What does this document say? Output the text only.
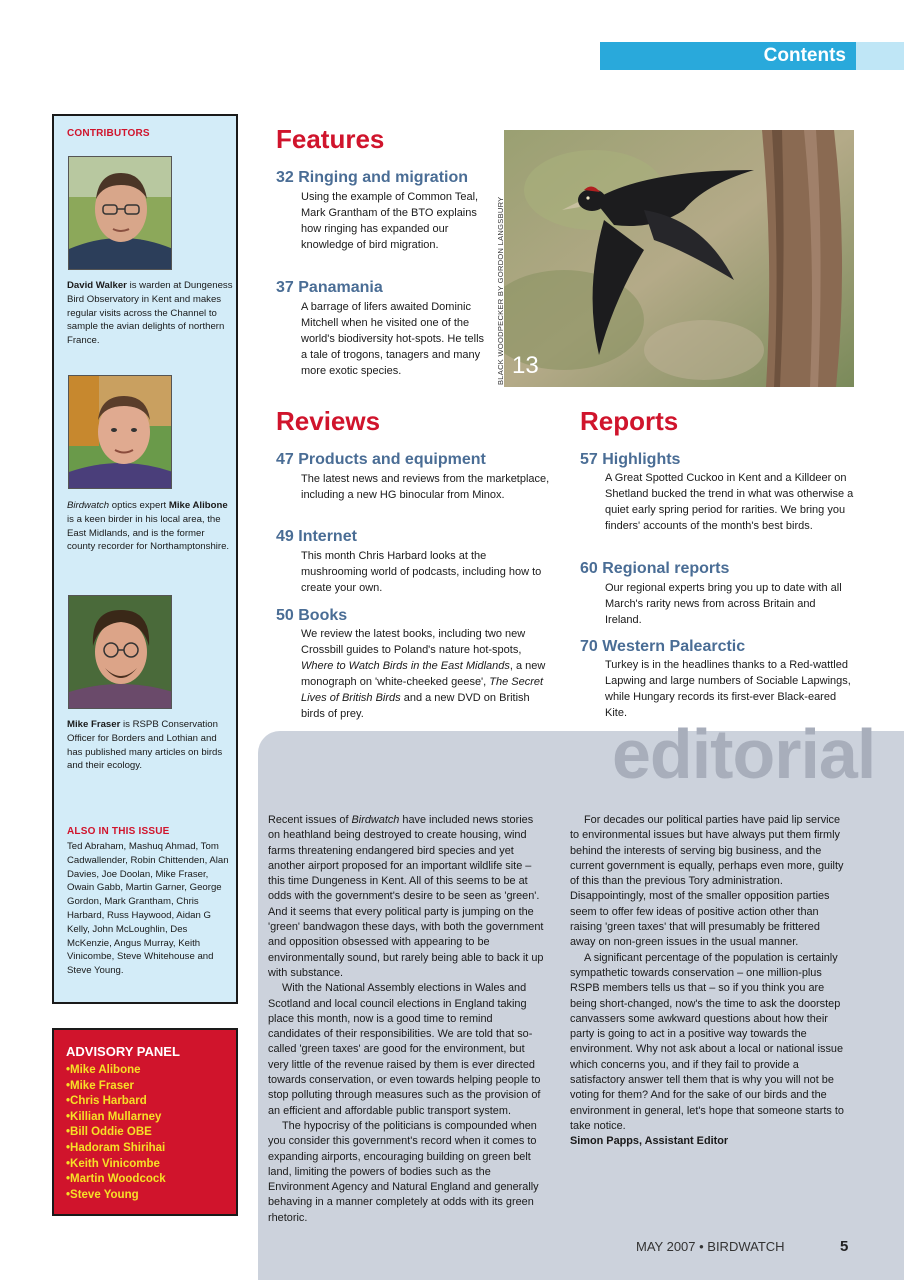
Contents
CONTRIBUTORS
David Walker is warden at Dungeness Bird Observatory in Kent and makes regular visits across the Channel to sample the avian delights of northern France.
Birdwatch optics expert Mike Alibone is a keen birder in his local area, the East Midlands, and is the former county recorder for Northamptonshire.
Mike Fraser is RSPB Conservation Officer for Borders and Lothian and has published many articles on birds and their ecology.
ALSO IN THIS ISSUE
Ted Abraham, Mashuq Ahmad, Tom Cadwallender, Robin Chittenden, Alan Davies, Joe Doolan, Mike Fraser, Owain Gabb, Martin Garner, George Gordon, Mark Grantham, Chris Harbard, Russ Haywood, Aidan G Kelly, John McLoughlin, Des McKenzie, Angus Murray, Keith Vinicombe, Steve Whitehouse and Steve Young.
ADVISORY PANEL
• Mike Alibone
• Mike Fraser
• Chris Harbard
• Killian Mullarney
• Bill Oddie OBE
• Hadoram Shirihai
• Keith Vinicombe
• Martin Woodcock
• Steve Young
Features
32 Ringing and migration
Using the example of Common Teal, Mark Grantham of the BTO explains how ringing has expanded our knowledge of bird migration.
37 Panamania
A barrage of lifers awaited Dominic Mitchell when he visited one of the world's biodiversity hot-spots. He tells a tale of trogons, tanagers and many more exotic species.	13
BLACK WOODPECKER BY GORDON LANGSBURY
Reviews
47 Products and equipment
The latest news and reviews from the marketplace, including a new HG binocular from Minox.
49 Internet
This month Chris Harbard looks at the mushrooming world of podcasts, including how to create your own.
50 Books
We review the latest books, including two new Crossbill guides to Poland's nature hot-spots, Where to Watch Birds in the East Midlands, a new monograph on 'white-cheeked geese', The Secret Lives of British Birds and a new DVD on British birds of prey.
Reports
57 Highlights
A Great Spotted Cuckoo in Kent and a Killdeer on Shetland bucked the trend in what was otherwise a quiet early spring period for rarities. We bring you finders' accounts of the month's best birds.
60 Regional reports
Our regional experts bring you up to date with all March's rarity news from across Britain and Ireland.
70 Western Palearctic
Turkey is in the headlines thanks to a Red-wattled Lapwing and large numbers of Sociable Lapwings, while Hungary records its first-ever Black-eared Kite.
editorial

Recent issues of Birdwatch have included news stories on heathland being destroyed to create housing, wind farms threatening endangered bird species and yet another airport proposed for an important wildlife site – this time Dungeness in Kent. All of this seems to be at odds with the government's desire to be seen as 'green'. And it seems that every political party is jumping on the 'green' bandwagon these days, with both the government and opposition obsessed with appearing to be environmentally sound, but rarely being able to back it up with substance.

With the National Assembly elections in Wales and Scotland and local council elections in England taking place this month, now is a good time to remind candidates of their responsibilities. We are told that so-called 'green taxes' are good for the environment, but very little of the revenue raised by them is ever directed towards conservation, or even towards helping people to stop polluting through measures such as the provision of an efficient and affordable public transport system.

The hypocrisy of the politicians is compounded when you consider this government's record when it comes to expanding airports, encouraging building on green belt land, limiting the powers of bodies such as the Environment Agency and Natural England and generally behaving in a manner completely at odds with its green rhetoric.

For decades our political parties have paid lip service to environmental issues but have always put them firmly behind the interests of serving big business, and the current government is equally, perhaps even more, guilty of this than the previous Tory administration. Disappointingly, most of the smaller opposition parties seem to offer few ideas of positive action other than raising 'green taxes' that will presumably be frittered away on non-green issues in the usual manner.

A significant percentage of the population is certainly sympathetic towards conservation – one million-plus RSPB members tells us that – so if you think you are being short-changed, now's the time to ask the doorstep canvassers some awkward questions about how their party is going to act in a positive way towards the environment. Why not ask about a local or national issue which concerns you, and if they fail to provide a satisfactory answer tell them that is why you will not be voting for them? And for the sake of our birds and the environment in general, let's hope that someone starts to take notice.

Simon Papps, Assistant Editor
MAY 2007 • BIRDWATCH	5
